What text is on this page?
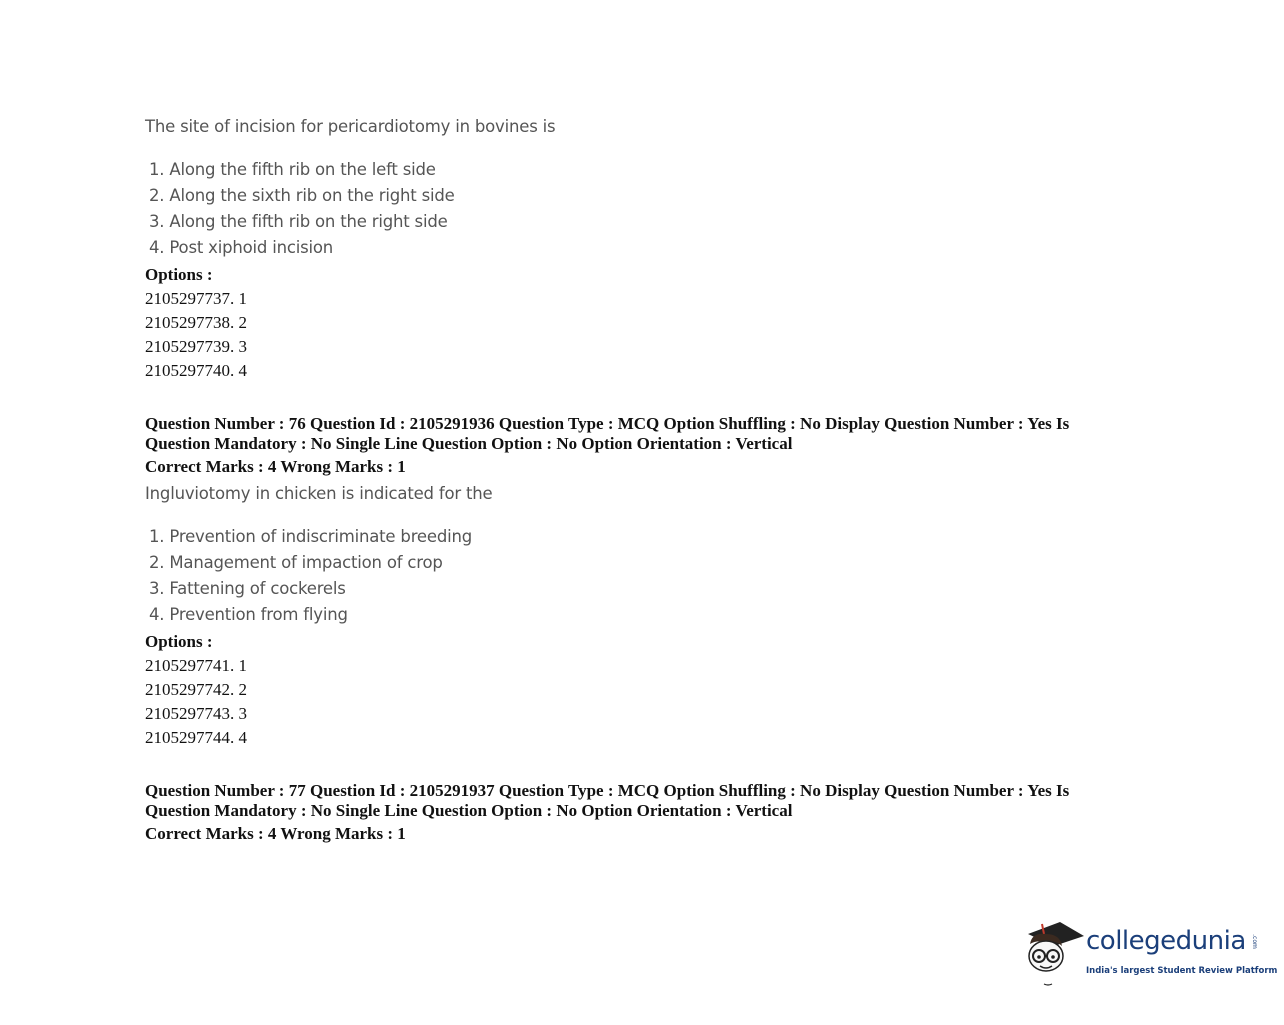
The site of incision for pericardiotomy in bovines is
1. Along the fifth rib on the left side
2. Along the sixth rib on the right side
3. Along the fifth rib on the right side
4. Post xiphoid incision
Options :
2105297737. 1
2105297738. 2
2105297739. 3
2105297740. 4
Question Number : 76 Question Id : 2105291936 Question Type : MCQ Option Shuffling : No Display Question Number : Yes Is Question Mandatory : No Single Line Question Option : No Option Orientation : Vertical
Correct Marks : 4 Wrong Marks : 1
Ingluviotomy in chicken is indicated for the
1. Prevention of indiscriminate breeding
2. Management of impaction of crop
3. Fattening of cockerels
4. Prevention from flying
Options :
2105297741. 1
2105297742. 2
2105297743. 3
2105297744. 4
Question Number : 77 Question Id : 2105291937 Question Type : MCQ Option Shuffling : No Display Question Number : Yes Is Question Mandatory : No Single Line Question Option : No Option Orientation : Vertical
Correct Marks : 4 Wrong Marks : 1
collegedunia .com
India's largest Student Review Platform
